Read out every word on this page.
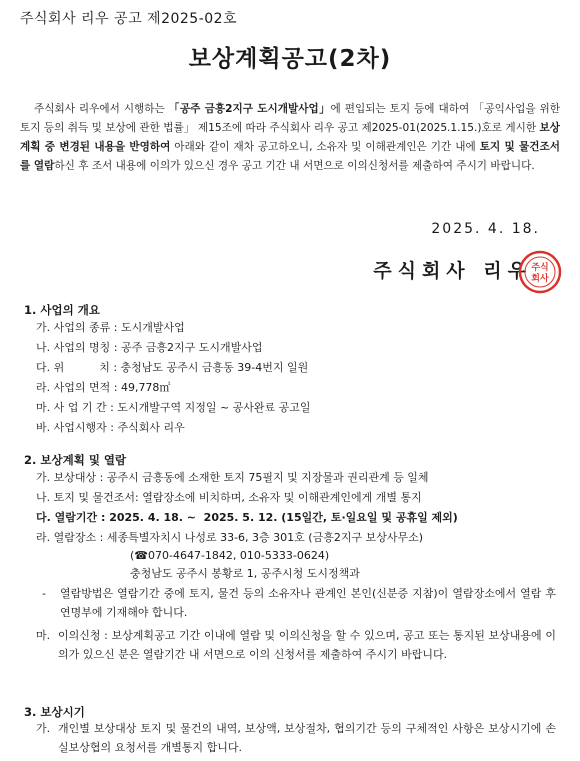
주식회사 리우 공고 제2025-02호
보상계획공고(2차)

주식회사 리우에서 시행하는 「공주 금흥2지구 도시개발사업」에 편입되는 토지 등에 대하여 「공익사업을 위한 토지 등의 취득 및 보상에 관한 법률」 제15조에 따라 주식회사 리우 공고 제2025-01(2025.1.15.)호로 게시한 보상계획 중 변경된 내용을 반영하여 아래와 같이 재차 공고하오니, 소유자 및 이해관계인은 기간 내에 토지 및 물건조서를 열람하신 후 조서 내용에 이의가 있으신 경우 공고 기간 내 서면으로 이의신청서를 제출하여 주시기 바랍니다.

2025. 4. 18.
주식회사 리우 주식
회사
1. 사업의 개요
가. 사업의 종류 : 도시개발사업
나. 사업의 명칭 : 공주 금흥2지구 도시개발사업
다. 위          치 : 충청남도 공주시 금흥동 39-4번지 일원
라. 사업의 면적 : 49,778㎡
마. 사 업 기 간 : 도시개발구역 지정일 ~ 공사완료 공고일
바. 사업시행자 : 주식회사 리우
2. 보상계획 및 열람
가. 보상대상 : 공주시 금흥동에 소재한 토지 75필지 및 지장물과 권리관계 등 일체
나. 토지 및 물건조서: 열람장소에 비치하며, 소유자 및 이해관계인에게 개별 통지
다. 열람기간 : 2025. 4. 18. ~  2025. 5. 12. (15일간, 토·일요일 및 공휴일 제외)
라. 열람장소 : 세종특별자치시 나성로 33-6, 3층 301호 (금흥2지구 보상사무소)
(☎070-4647-1842, 010-5333-0624)
충청남도 공주시 봉황로 1, 공주시청 도시정책과
-	열람방법은 열람기간 중에 토지, 물건 등의 소유자나 관계인 본인(신분증 지참)이 열람장소에서 열람 후 연명부에 기재해야 합니다.
마. 이의신청 : 보상계획공고 기간 이내에 열람 및 이의신청을 할 수 있으며, 공고 또는 통지된 보상내용에 이의가 있으신 분은 열람기간 내 서면으로 이의 신청서를 제출하여 주시기 바랍니다.
3. 보상시기
가. 개인별 보상대상 토지 및 물건의 내역, 보상액, 보상절차, 협의기간 등의 구체적인 사항은 보상시기에 손실보상협의 요청서를 개별통지 합니다.
